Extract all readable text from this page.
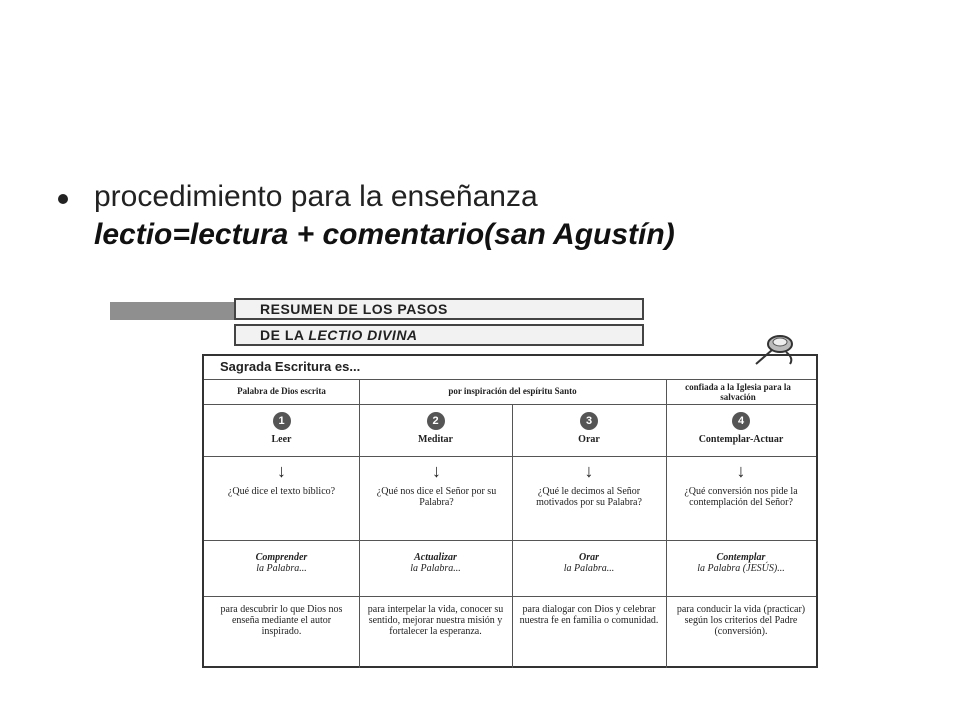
procedimiento para la enseñanza
lectio=lectura + comentario(san Agustín)
RESUMEN DE LOS PASOS
DE LA LECTIO DIVINA
Sagrada Escritura es...
Palabra de Dios escrita	por inspiración del espíritu Santo	confiada a la Iglesia para la salvación
1
Leer
2
Meditar
3
Orar
4
Contemplar-Actuar
↓
¿Qué dice el texto bíblico?
↓
¿Qué nos dice el Señor por su Palabra?
↓
¿Qué le decimos al Señor motivados por su Palabra?
↓
¿Qué conversión nos pide la contemplación del Señor?
Comprender
la Palabra...
Actualizar
la Palabra...
Orar
la Palabra...
Contemplar
la Palabra (JESÚS)...
para descubrir lo que Dios nos enseña mediante el autor inspirado.
para interpelar la vida, conocer su sentido, mejorar nuestra misión y fortalecer la esperanza.
para dialogar con Dios y celebrar nuestra fe en familia o comunidad.
para conducir la vida (practicar) según los criterios del Padre (conversión).
